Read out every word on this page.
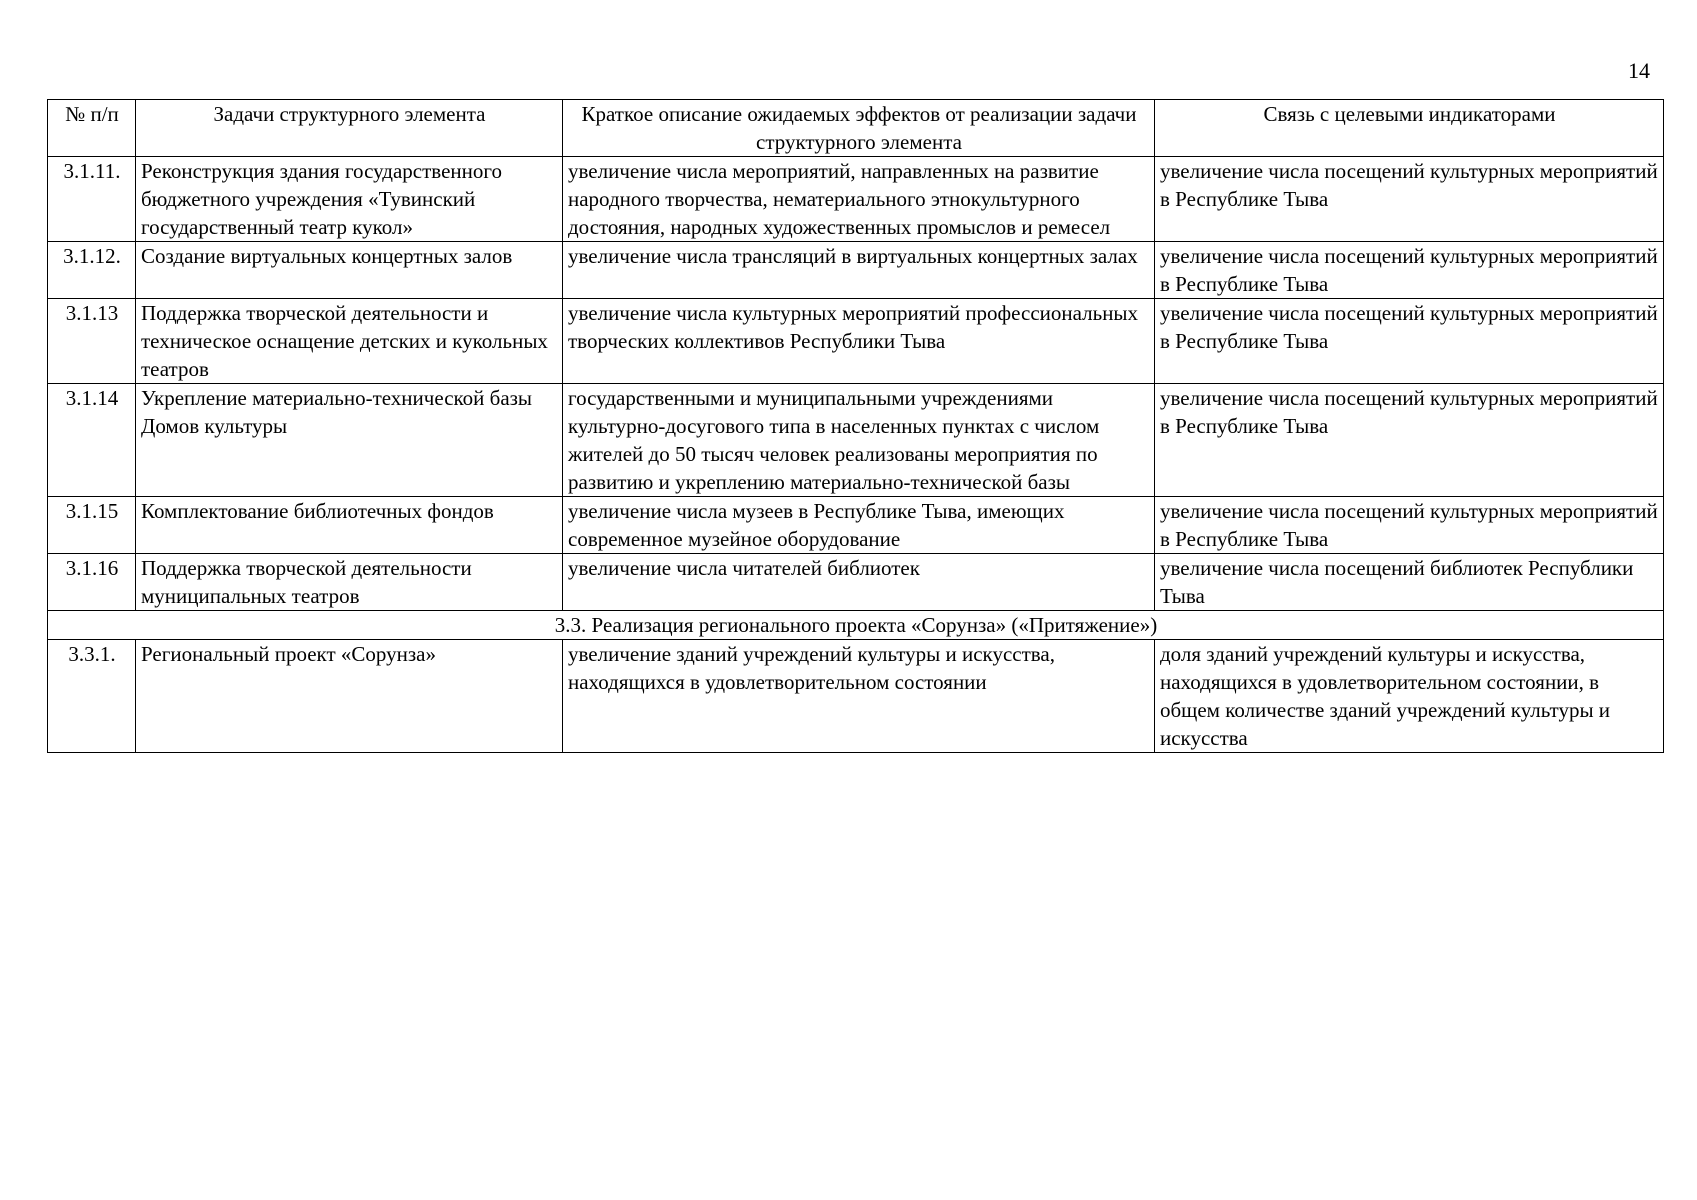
14
№ п/п	Задачи структурного элемента	Краткое описание ожидаемых эффектов от реализации задачи структурного элемента	Связь с целевыми индикаторами
3.1.11.	Реконструкция здания государственного бюджетного учреждения «Тувинский государственный театр кукол»	увеличение числа мероприятий, направленных на развитие народного творчества, нематериального этнокультурного достояния, народных художественных промыслов и ремесел	увеличение числа посещений культурных мероприятий в Республике Тыва
3.1.12.	Создание виртуальных концертных залов	увеличение числа трансляций в виртуальных концертных залах	увеличение числа посещений культурных мероприятий в Республике Тыва
3.1.13	Поддержка творческой деятельности и техническое оснащение детских и кукольных театров	увеличение числа культурных мероприятий профессиональных творческих коллективов Республики Тыва	увеличение числа посещений культурных мероприятий в Республике Тыва
3.1.14	Укрепление материально-технической базы Домов культуры	государственными и муниципальными учреждениями культурно-досугового типа в населенных пунктах с числом жителей до 50 тысяч человек реализованы мероприятия по развитию и укреплению материально-технической базы	увеличение числа посещений культурных мероприятий в Республике Тыва
3.1.15	Комплектование библиотечных фондов	увеличение числа музеев в Республике Тыва, имеющих современное музейное оборудование	увеличение числа посещений культурных мероприятий в Республике Тыва
3.1.16	Поддержка творческой деятельности муниципальных театров	увеличение числа читателей библиотек	увеличение числа посещений библиотек Республики Тыва
3.3. Реализация регионального проекта «Сорунза» («Притяжение»)			
3.3.1.	Региональный проект «Сорунза»	увеличение зданий учреждений культуры и искусства, находящихся в удовлетворительном состоянии	доля зданий учреждений культуры и искусства, находящихся в удовлетворительном состоянии, в общем количестве зданий учреждений культуры и искусства
